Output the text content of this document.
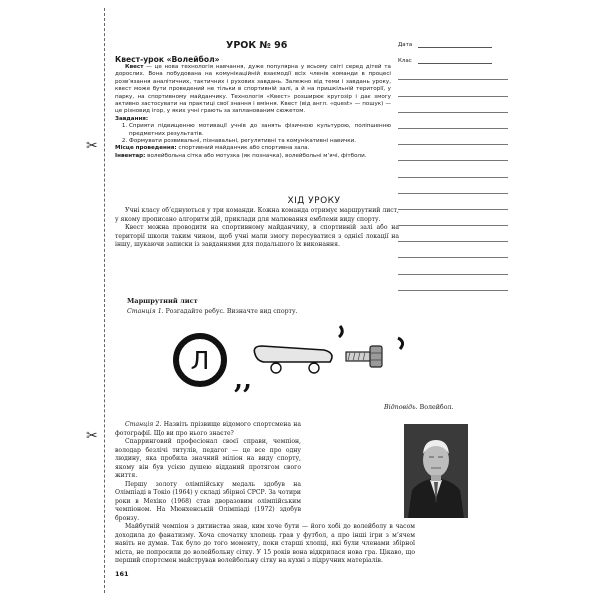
✂
✂
УРОК № 96
Квест-урок «Волейбол»
Дата
Клас

Квест — це нова технологія навчання, дуже популярна у всьому світі серед дітей та дорослих. Вона побудована на комунікаційній взаємодії всіх членів команди в процесі розв’язання аналітичних, тактичних і рухових завдань. Залежно від теми і завдань уроку, квест може бути проведений не тільки в спортивній залі, а й на пришкільній території, у парку, на спортивному майданчику. Технологія «Квест» розширює кругозір і дає змогу активно застосувати на практиці свої знання і вміння. Квест (від англ. «quest» — пошук) — це різновид ігор, у яких учні грають за запланованим сюжетом.

Завдання:

1. Сприяти підвищенню мотивації учнів до занять фізичною культурою, поліпшенню предметних результатів.
2. Формувати розвивальні, пізнавальні, регулятивні та комунікативні навички.

Місце проведення: спортивний майданчик або спортивна зала.

Інвентар: волейбольна сітка або мотузка (як позначка), волейбольні м’ячі, фітболи.

ХІД УРОКУ

Учні класу об’єднуються у три команди. Кожна команда отримує маршрутний лист, у якому прописано алгоритм дій, приклади для малювання емблеми виду спорту.

Квест можна проводити на спортивному майданчику, в спортивній залі або на території школи таким чином, щоб учні мали змогу пересуватися з однієї локації на іншу, шукаючи записки із завданнями для подальшого їх виконання.

Маршрутний лист
Станція 1. Розгадайте ребус. Визначте вид спорту.
Л
,,
Відповідь. Волейбол.

Станція 2. Назвіть прізвище відомого спортсмена на фотографії. Що ви про нього знаєте?

Спарринговий професіонал своєї справи, чемпіон, володар безлічі титулів, педагог — це все про одну людину, яка пробила значний міліон на виду спорту, якому він був усією душею відданий протягом свого життя.

Першу золоту олімпійську медаль здобув на Олімпіаді в Токіо (1964) у складі збірної СРСР. За чотири роки в Мехіко (1968) став дворазовим олімпійським чемпіоном. На Мюнхенській Олімпіаді (1972) здобув бронзу.

Майбутній чемпіон з дитинства знав, ким хоче бути — його хобі до волейболу в часом доходила до фанатизму. Хоча спочатку хлопець грав у футбол, а про інші ігри з м’ячем навіть не думав. Так було до того моменту, поки старші хлопці, які були членами збірної міста, не попросили до волейбольну сітку. У 15 років вона відкрилася нова гра. Цікаво, що перший спортсмен майстрував волейбольну сітку на кухні з підручних матеріалів.

161
